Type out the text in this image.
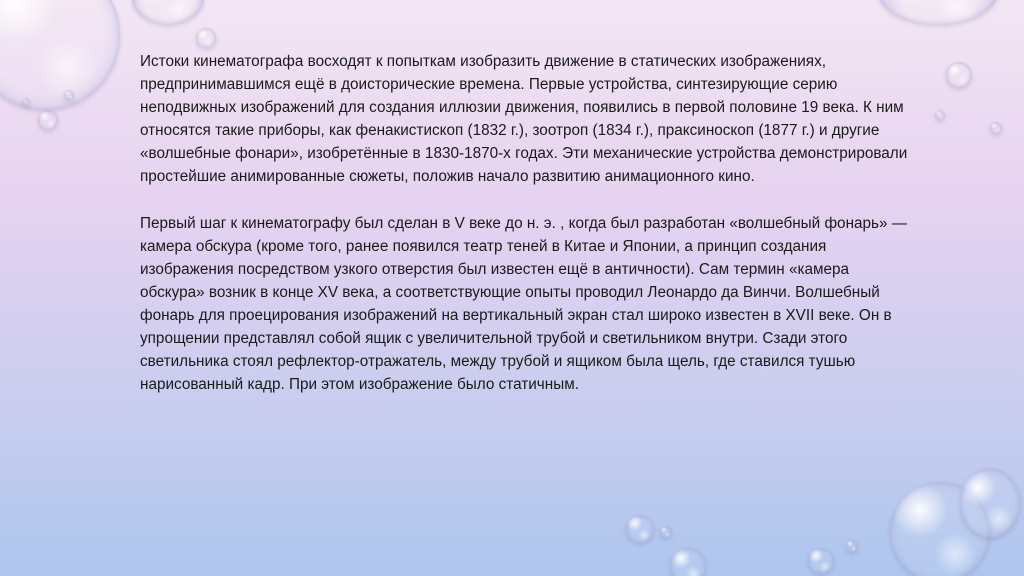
Истоки кинематографа восходят к попыткам изобразить движение в статических изображениях, предпринимавшимся ещё в доисторические времена. Первые устройства, синтезирующие серию неподвижных изображений для создания иллюзии движения, появились в первой половине 19 века. К ним относятся такие приборы, как фенакистископ (1832 г.), зоотроп (1834 г.), праксиноскоп (1877 г.) и другие «волшебные фонари», изобретённые в 1830-1870-х годах. Эти механические устройства демонстрировали простейшие анимированные сюжеты, положив начало развитию анимационного кино.

Первый шаг к кинематографу был сделан в V веке до н. э. , когда был разработан «волшебный фонарь» — камера обскура (кроме того, ранее появился театр теней в Китае и Японии, а принцип создания изображения посредством узкого отверстия был известен ещё в античности). Сам термин «камера обскура» возник в конце XV века, а соответствующие опыты проводил Леонардо да Винчи. Волшебный фонарь для проецирования изображений на вертикальный экран стал широко известен в XVII веке. Он в упрощении представлял собой ящик с увеличительной трубой и светильником внутри. Сзади этого светильника стоял рефлектор-отражатель, между трубой и ящиком была щель, где ставился тушью нарисованный кадр. При этом изображение было статичным.
